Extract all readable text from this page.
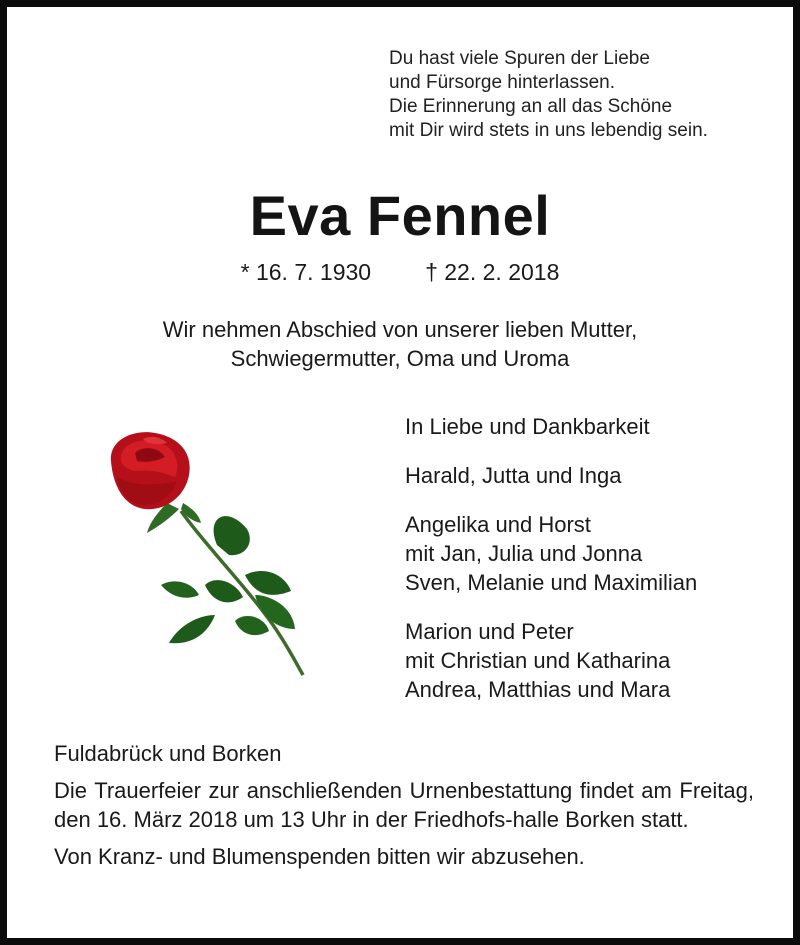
Du hast viele Spuren der Liebe
und Fürsorge hinterlassen.
Die Erinnerung an all das Schöne
mit Dir wird stets in uns lebendig sein.
Eva Fennel
* 16. 7. 1930 † 22. 2. 2018
Wir nehmen Abschied von unserer lieben Mutter,
Schwiegermutter, Oma und Uroma
In Liebe und Dankbarkeit
Harald, Jutta und Inga
Angelika und Horst
mit Jan, Julia und Jonna
Sven, Melanie und Maximilian
Marion und Peter
mit Christian und Katharina
Andrea, Matthias und Mara
Fuldabrück und Borken
Die Trauerfeier zur anschließenden Urnenbestattung findet am Freitag, den 16. März 2018 um 13 Uhr in der Friedhofs-halle Borken statt.
Von Kranz- und Blumenspenden bitten wir abzusehen.
